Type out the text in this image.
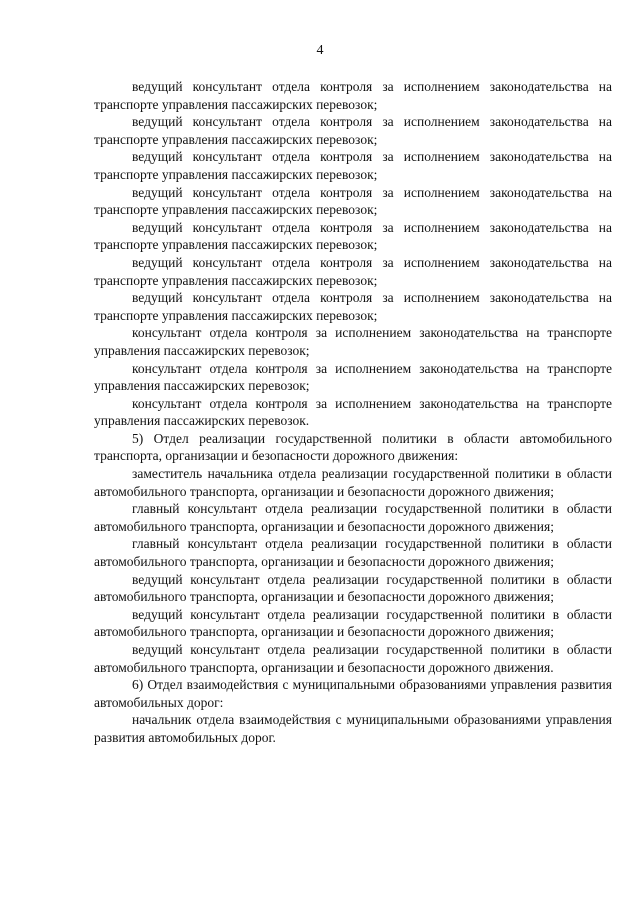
4

ведущий консультант отдела контроля за исполнением законодательства на транспорте управления пассажирских перевозок;

ведущий консультант отдела контроля за исполнением законодательства на транспорте управления пассажирских перевозок;

ведущий консультант отдела контроля за исполнением законодательства на транспорте управления пассажирских перевозок;

ведущий консультант отдела контроля за исполнением законодательства на транспорте управления пассажирских перевозок;

ведущий консультант отдела контроля за исполнением законодательства на транспорте управления пассажирских перевозок;

ведущий консультант отдела контроля за исполнением законодательства на транспорте управления пассажирских перевозок;

ведущий консультант отдела контроля за исполнением законодательства на транспорте управления пассажирских перевозок;

консультант отдела контроля за исполнением законодательства на транспорте управления пассажирских перевозок;

консультант отдела контроля за исполнением законодательства на транспорте управления пассажирских перевозок;

консультант отдела контроля за исполнением законодательства на транспорте управления пассажирских перевозок.

5) Отдел реализации государственной политики в области автомобильного транспорта, организации и безопасности дорожного движения:

заместитель начальника отдела реализации государственной политики в области автомобильного транспорта, организации и безопасности дорожного движения;

главный консультант отдела реализации государственной политики в области автомобильного транспорта, организации и безопасности дорожного движения;

главный консультант отдела реализации государственной политики в области автомобильного транспорта, организации и безопасности дорожного движения;

ведущий консультант отдела реализации государственной политики в области автомобильного транспорта, организации и безопасности дорожного движения;

ведущий консультант отдела реализации государственной политики в области автомобильного транспорта, организации и безопасности дорожного движения;

ведущий консультант отдела реализации государственной политики в области автомобильного транспорта, организации и безопасности дорожного движения.

6) Отдел взаимодействия с муниципальными образованиями управления развития автомобильных дорог:

начальник отдела взаимодействия с муниципальными образованиями управления развития автомобильных дорог.
